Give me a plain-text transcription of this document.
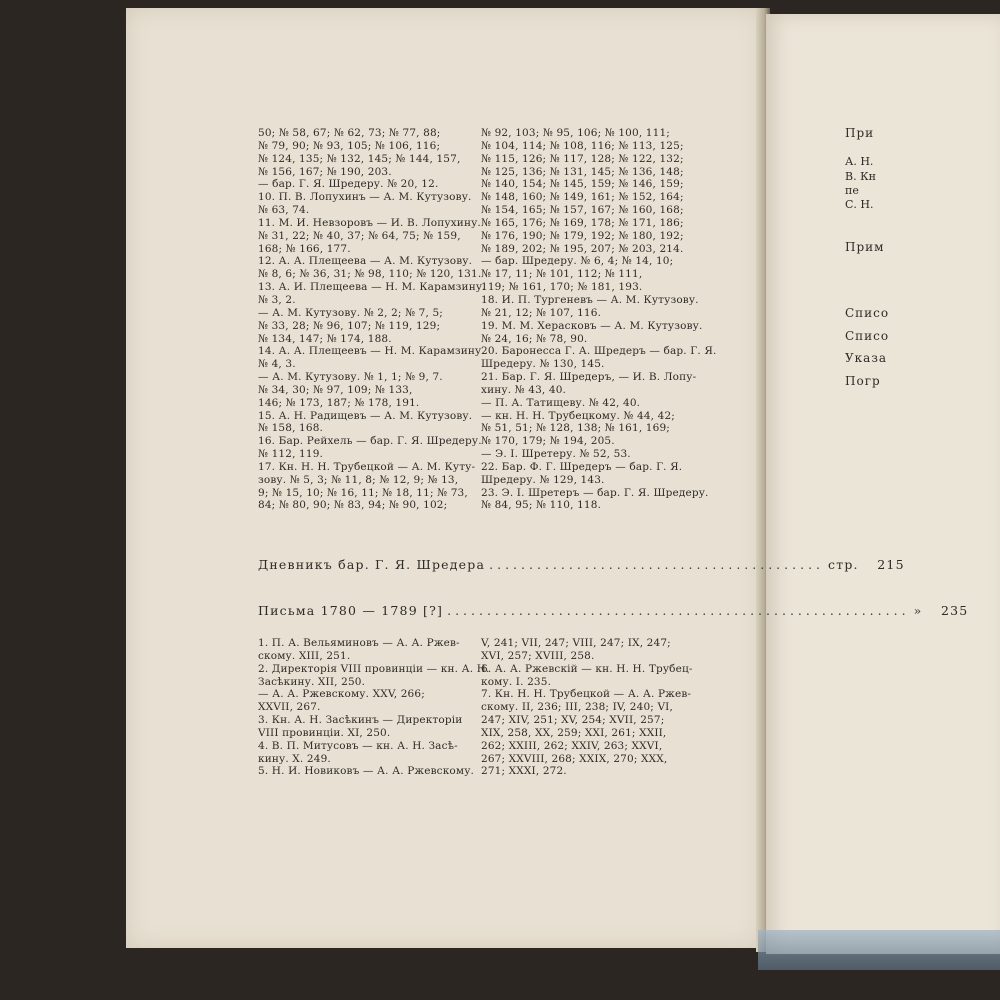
50; № 58, 67; № 62, 73; № 77, 88;
№ 79, 90; № 93, 105; № 106, 116;
№ 124, 135; № 132, 145; № 144, 157,
№ 156, 167; № 190, 203.
— бар. Г. Я. Шредеру. № 20, 12.
10. П. В. Лопухинъ — А. М. Кутузову.
№ 63, 74.
11. М. И. Невзоровъ — И. В. Лопухину.
№ 31, 22; № 40, 37; № 64, 75; № 159,
168; № 166, 177.
12. А. А. Плещеева — А. М. Кутузову.
№ 8, 6; № 36, 31; № 98, 110; № 120, 131.
13. А. И. Плещеева — Н. М. Карамзину.
№ 3, 2.
— А. М. Кутузову. № 2, 2; № 7, 5;
№ 33, 28; № 96, 107; № 119, 129;
№ 134, 147; № 174, 188.
14. А. А. Плещеевъ — Н. М. Карамзину.
№ 4, 3.
— А. М. Кутузову. № 1, 1; № 9, 7.
№ 34, 30; № 97, 109; № 133,
146; № 173, 187; № 178, 191.
15. А. Н. Радищевъ — А. М. Кутузову.
№ 158, 168.
16. Бар. Рейхель — бар. Г. Я. Шредеру.
№ 112, 119.
17. Кн. Н. Н. Трубецкой — А. М. Куту-
зову. № 5, 3; № 11, 8; № 12, 9; № 13,
9; № 15, 10; № 16, 11; № 18, 11; № 73,
84; № 80, 90; № 83, 94; № 90, 102;
№ 92, 103; № 95, 106; № 100, 111;
№ 104, 114; № 108, 116; № 113, 125;
№ 115, 126; № 117, 128; № 122, 132;
№ 125, 136; № 131, 145; № 136, 148;
№ 140, 154; № 145, 159; № 146, 159;
№ 148, 160; № 149, 161; № 152, 164;
№ 154, 165; № 157, 167; № 160, 168;
№ 165, 176; № 169, 178; № 171, 186;
№ 176, 190; № 179, 192; № 180, 192;
№ 189, 202; № 195, 207; № 203, 214.
— бар. Шредеру. № 6, 4; № 14, 10;
№ 17, 11; № 101, 112; № 111,
119; № 161, 170; № 181, 193.
18. И. П. Тургеневъ — А. М. Кутузову.
№ 21, 12; № 107, 116.
19. М. М. Херасковъ — А. М. Кутузову.
№ 24, 16; № 78, 90.
20. Баронесса Г. А. Шредеръ — бар. Г. Я.
Шредеру. № 130, 145.
21. Бар. Г. Я. Шредеръ, — И. В. Лопу-
хину. № 43, 40.
— П. А. Татищеву. № 42, 40.
— кн. Н. Н. Трубецкому. № 44, 42;
№ 51, 51; № 128, 138; № 161, 169;
№ 170, 179; № 194, 205.
— Э. І. Шретеру. № 52, 53.
22. Бар. Ф. Г. Шредеръ — бар. Г. Я.
Шредеру. № 129, 143.
23. Э. І. Шретеръ — бар. Г. Я. Шредеру.
№ 84, 95; № 110, 118.
Дневникъ бар. Г. Я. Шредера .......................................... стр. 215
Письма 1780 — 1789 [?] .......................................................... » 235
1. П. А. Вельяминовъ — А. А. Ржев-
скому. XIII, 251.
2. Директорія VIII провинціи — кн. А. Н.
Засѣкину. XII, 250.
— А. А. Ржевскому. XXV, 266;
XXVII, 267.
3. Кн. А. Н. Засѣкинъ — Директоріи
VIII провинціи. XI, 250.
4. В. П. Митусовъ — кн. А. Н. Засѣ-
кину. Х. 249.
5. Н. И. Новиковъ — А. А. Ржевскому.
V, 241; VII, 247; VIII, 247; IX, 247;
XVI, 257; XVIII, 258.
6. А. А. Ржевскій — кн. Н. Н. Трубец-
кому. I. 235.
7. Кн. Н. Н. Трубецкой — А. А. Ржев-
скому. II, 236; III, 238; IV, 240; VI,
247; XIV, 251; XV, 254; XVII, 257;
XIX, 258, XX, 259; XXI, 261; XXII,
262; XXIII, 262; XXIV, 263; XXVI,
267; XXVIII, 268; XXIX, 270; XXX,
271; XXXI, 272.
При
А. Н.
В. Кн
пе
С. Н.
Прим
Списо
Списо
Указа
Погр
